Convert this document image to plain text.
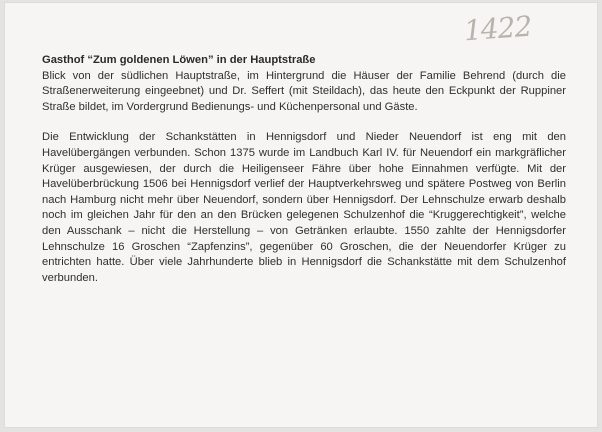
1422
Gasthof “Zum goldenen Löwen” in der Hauptstraße

Blick von der südlichen Hauptstraße, im Hintergrund die Häuser der Familie Behrend (durch die Straßenerweiterung eingeebnet) und Dr. Seffert (mit Steildach), das heute den Eckpunkt der Ruppiner Straße bildet, im Vordergrund Bedienungs- und Küchenpersonal und Gäste.

Die Entwicklung der Schankstätten in Hennigsdorf und Nieder Neuendorf ist eng mit den Havelübergängen verbunden. Schon 1375 wurde im Landbuch Karl IV. für Neuendorf ein markgräflicher Krüger ausgewiesen, der durch die Heiligenseer Fähre über hohe Einnahmen verfügte. Mit der Havelüberbrückung 1506 bei Hennigsdorf verlief der Hauptverkehrsweg und spätere Postweg von Berlin nach Hamburg nicht mehr über Neuendorf, sondern über Hennigsdorf. Der Lehnschulze erwarb deshalb noch im gleichen Jahr für den an den Brücken gelegenen Schulzenhof die “Kruggerechtigkeit”, welche den Ausschank – nicht die Herstellung – von Getränken erlaubte. 1550 zahlte der Hennigsdorfer Lehnschulze 16 Groschen “Zapfenzins”, gegenüber 60 Groschen, die der Neuendorfer Krüger zu entrichten hatte. Über viele Jahrhunderte blieb in Hennigsdorf die Schankstätte mit dem Schulzenhof verbunden.
